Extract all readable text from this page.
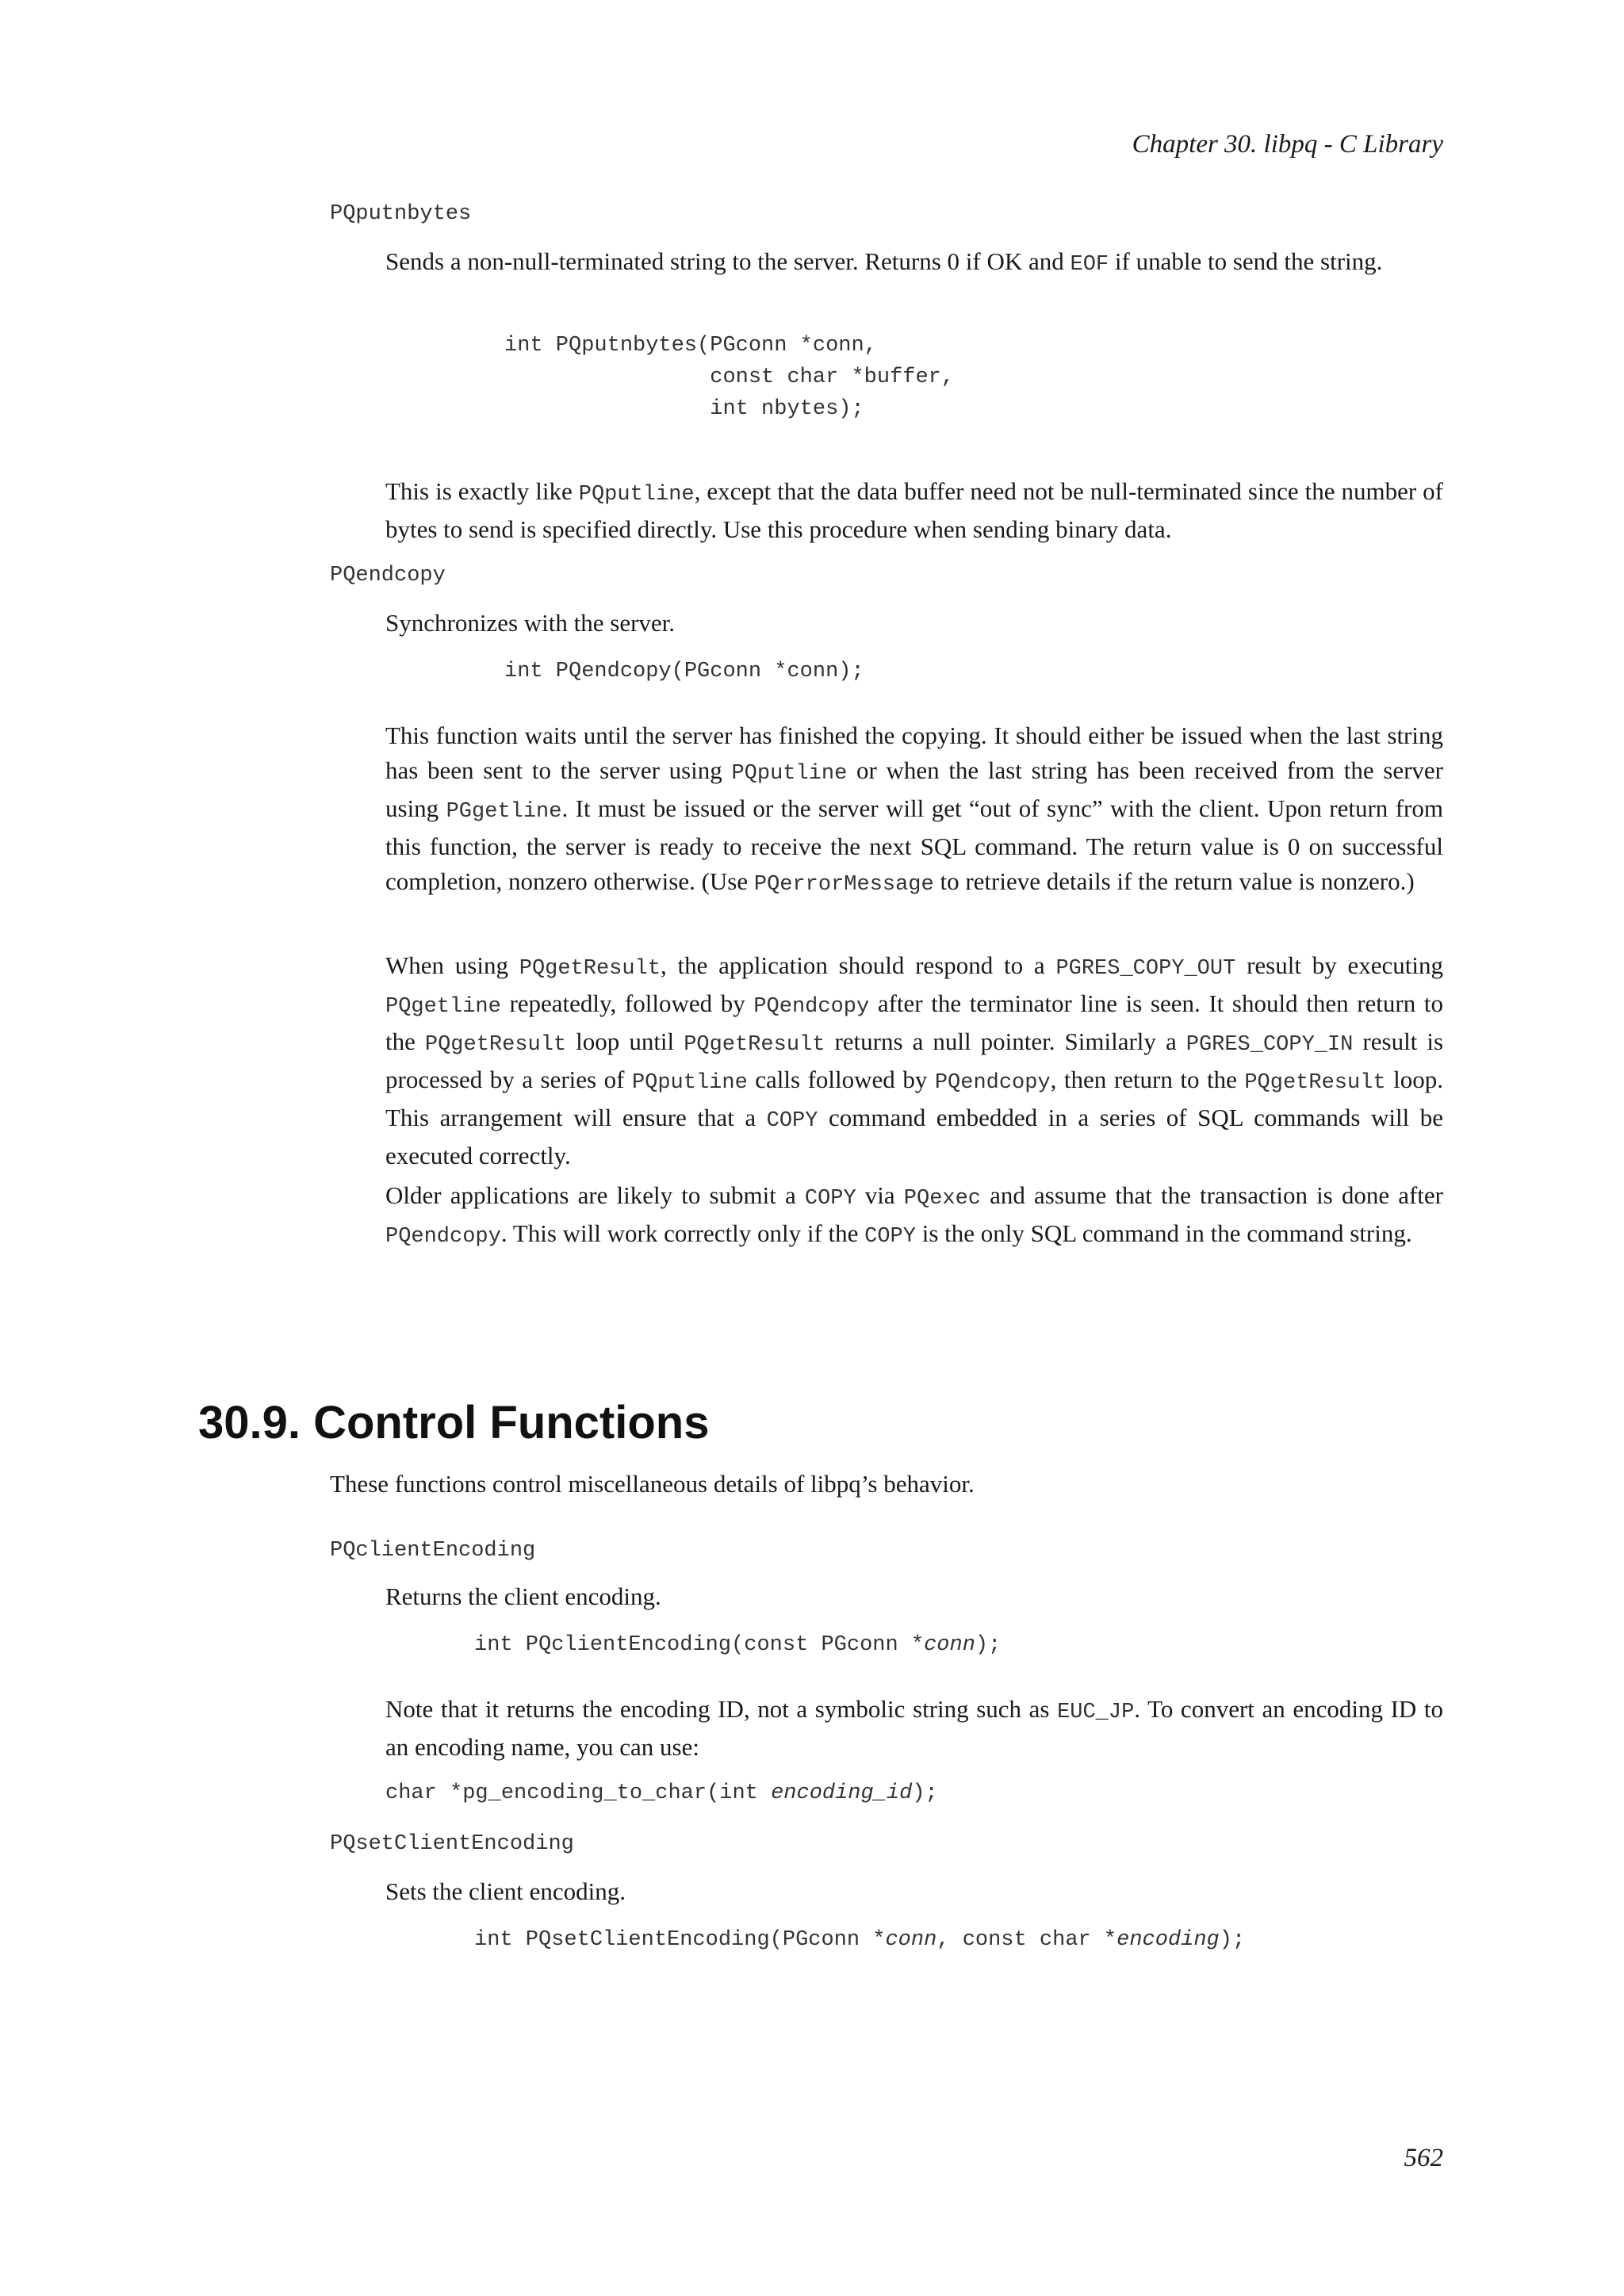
Chapter 30. libpq - C Library
PQputnbytes
Sends a non-null-terminated string to the server. Returns 0 if OK and EOF if unable to send the string.
int PQputnbytes(PGconn *conn,
const char *buffer,
int nbytes);
This is exactly like PQputline, except that the data buffer need not be null-terminated since the number of bytes to send is specified directly. Use this procedure when sending binary data.
PQendcopy
Synchronizes with the server.
int PQendcopy(PGconn *conn);
This function waits until the server has finished the copying. It should either be issued when the last string has been sent to the server using PQputline or when the last string has been received from the server using PGgetline. It must be issued or the server will get “out of sync” with the client. Upon return from this function, the server is ready to receive the next SQL command. The return value is 0 on successful completion, nonzero otherwise. (Use PQerrorMessage to retrieve details if the return value is nonzero.)
When using PQgetResult, the application should respond to a PGRES_COPY_OUT result by executing PQgetline repeatedly, followed by PQendcopy after the terminator line is seen. It should then return to the PQgetResult loop until PQgetResult returns a null pointer. Similarly a PGRES_COPY_IN result is processed by a series of PQputline calls followed by PQendcopy, then return to the PQgetResult loop. This arrangement will ensure that a COPY command embedded in a series of SQL commands will be executed correctly.
Older applications are likely to submit a COPY via PQexec and assume that the transaction is done after PQendcopy. This will work correctly only if the COPY is the only SQL command in the command string.
30.9. Control Functions
These functions control miscellaneous details of libpq’s behavior.
PQclientEncoding
Returns the client encoding.
int PQclientEncoding(const PGconn *conn);
Note that it returns the encoding ID, not a symbolic string such as EUC_JP. To convert an encoding ID to an encoding name, you can use:
char *pg_encoding_to_char(int encoding_id);
PQsetClientEncoding
Sets the client encoding.
int PQsetClientEncoding(PGconn *conn, const char *encoding);
562
